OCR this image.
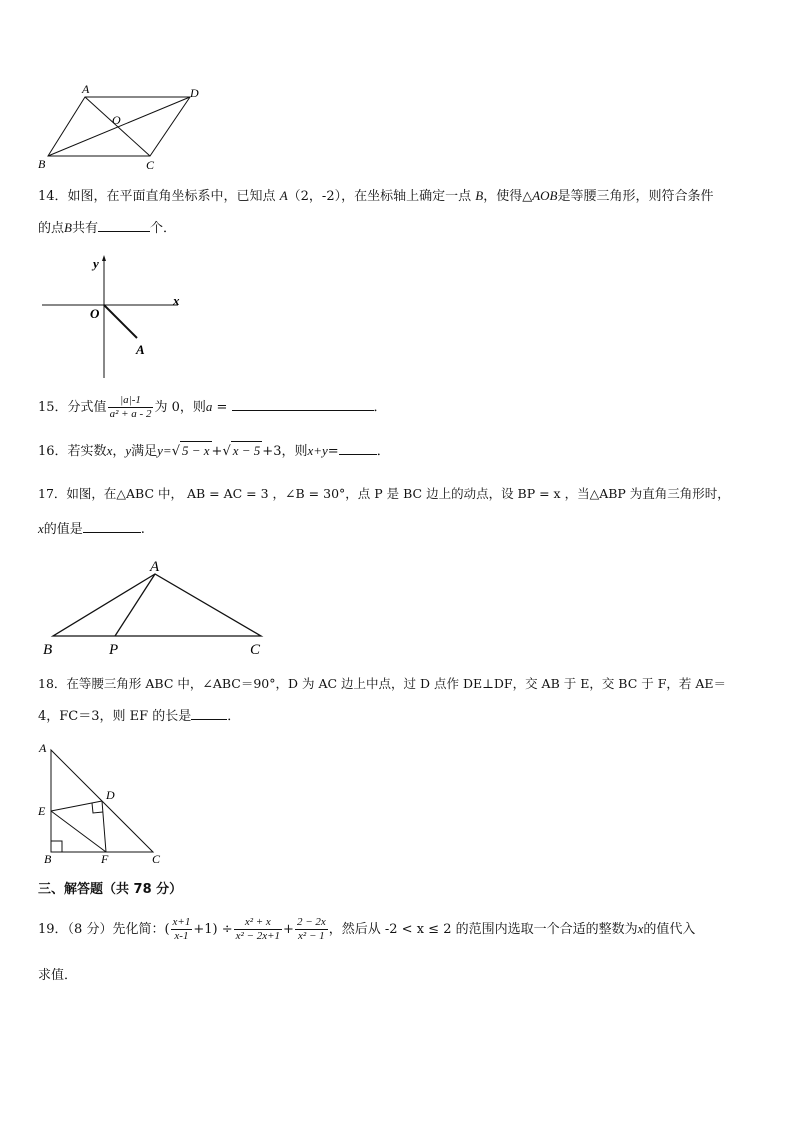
A	D
O
B	C
14．如图，在平面直角坐标系中，已知点 A（2，-2），在坐标轴上确定一点 B，使得△AOB是等腰三角形，则符合条件
的点B共有	个．
y
x
O
A
15．分式值 $\frac{|a|-1}{\text{a² + a - 2}}$ 为 0，则a =	．
16．若实数x，y满足y=√ 5 − x +√ x − 5 +3，则x+y=	．
17．如图，在△ABC 中， AB = AC = 3 ，∠B = 30°，点 P 是 BC 边上的动点，设 BP = x ，当△ABP 为直角三角形时，
x的值是	.
A
B	P	C
18．在等腰三角形 ABC 中，∠ABC＝90°，D 为 AC 边上中点，过 D 点作 DE⊥DF，交 AB 于 E，交 BC 于 F，若 AE＝
4，FC＝3，则 EF 的长是	．
A
D
E
B	F	C
三、解答题（共 78 分）
19．（8 分）先化简：( $\frac{x+1}{x-1} +1) \div \frac{\text{x² + x}}{\text{x² − 2x+1}} + \frac{2 - 2x}{\text{x² − 1}}$ ，然后从 -2 < x ≤ 2 的范围内选取一个合适的整数为x的值代入
求值．
